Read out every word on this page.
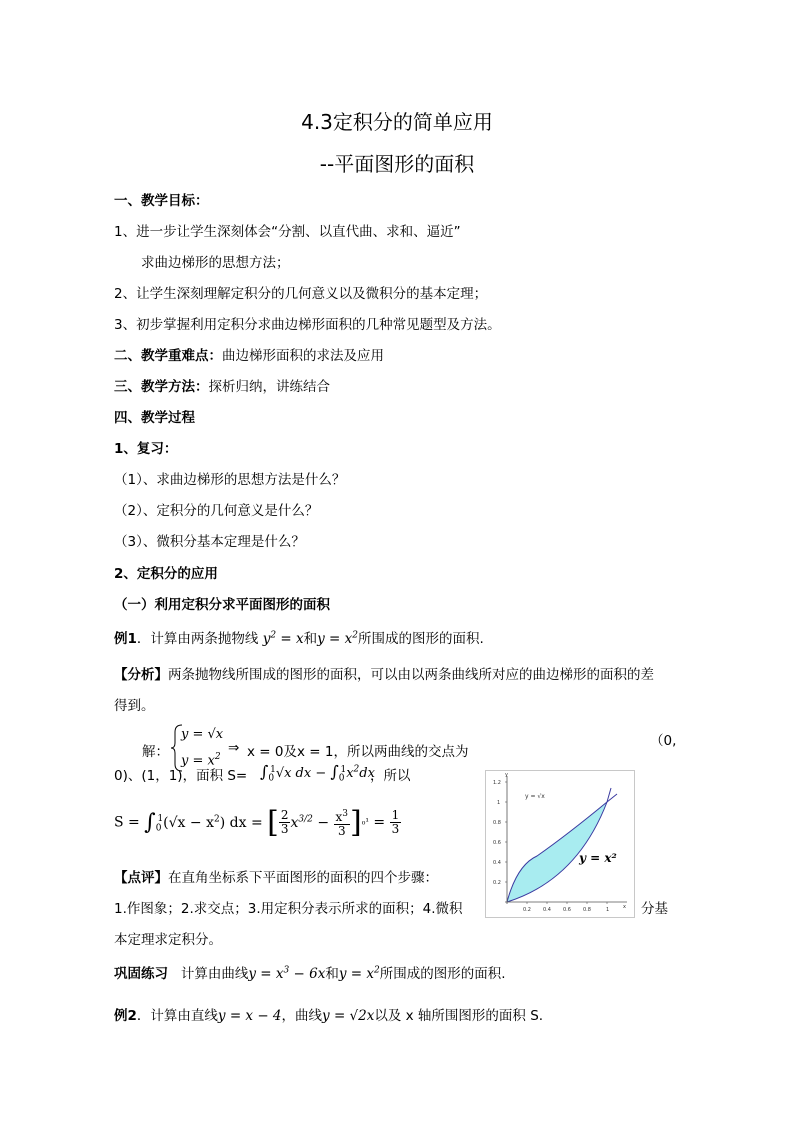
4.3定积分的简单应用
--平面图形的面积
一、教学目标：
1、进一步让学生深刻体会“分割、以直代曲、求和、逼近”
求曲边梯形的思想方法；
2、让学生深刻理解定积分的几何意义以及微积分的基本定理；
3、初步掌握利用定积分求曲边梯形面积的几种常见题型及方法。
二、教学重难点：曲边梯形面积的求法及应用
三、教学方法：探析归纳，讲练结合
四、教学过程
1、复习：
（1）、求曲边梯形的思想方法是什么？
（2）、定积分的几何意义是什么？
（3）、微积分基本定理是什么？
2、定积分的应用
（一）利用定积分求平面图形的面积
例1．计算由两条抛物线 $y^2 = x$和$y = x^2$所围成的图形的面积.
【分析】两条抛物线所围成的图形的面积，可以由以两条曲线所对应的曲边梯形的面积的差
得到。
解：
y = √x
$y = x^2$
⇒ x = 0及x = 1，所以两曲线的交点为
（0,
0)、(1，1)，面积 $S= \int_0^1√x$ dx − $\int_0^1x^2dx$
，所以
$S = \int_0^1(√x - x^2)$ dx = [ $\frac{2}{3} x^{3/2} - \frac{x^3}{3} ]_0^1 = \frac{1}{3}$
【点评】在直角坐标系下平面图形的面积的四个步骤：
1.作图象；2.求交点；3.用定积分表示所求的面积；4.微积	分基
本定理求定积分。
1.2
1
0.8
0.6
0.4
0.2
0.2 0.4 0.6 0.8	1
y
x
y = √x
y = x²
巩固练习 计算由曲线$y = x^3 - 6x$和$y = x^2$所围成的图形的面积.
例2．计算由直线y = x − 4，曲线y = √2x以及 x 轴所围图形的面积 S.
